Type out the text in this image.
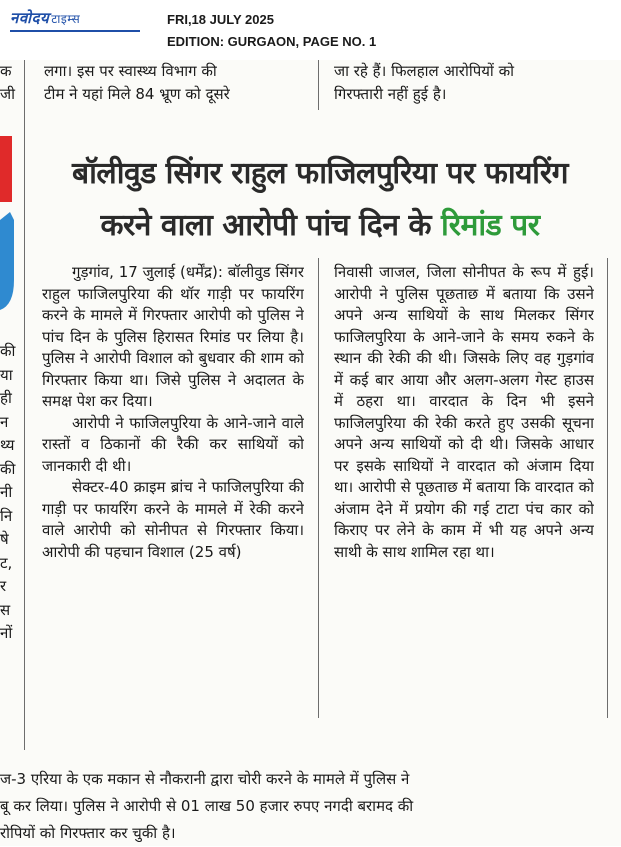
नवोदय टाइम्स	FRI,18 JULY 2025
EDITION: GURGAON, PAGE NO. 1
क
जी
लगा। इस पर स्वास्थ्य विभाग की
टीम ने यहां मिले 84 भ्रूण को दूसरे
जा रहे हैं। फिलहाल आरोपियों को
गिरफ्तारी नहीं हुई है।
की
या
ही
न
थ्य
की
नी
नि
षे
ट,
र
स
नों
बॉलीवुड सिंगर राहुल फाजिलपुरिया पर फायरिंग
करने वाला आरोपी पांच दिन के रिमांड पर

गुड़गांव, 17 जुलाई (धर्मेंद्र): बॉलीवुड सिंगर राहुल फाजिलपुरिया की थॉर गाड़ी पर फायरिंग करने के मामले में गिरफ्तार आरोपी को पुलिस ने पांच दिन के पुलिस हिरासत रिमांड पर लिया है। पुलिस ने आरोपी विशाल को बुधवार की शाम को गिरफ्तार किया था। जिसे पुलिस ने अदालत के समक्ष पेश कर दिया।

आरोपी ने फाजिलपुरिया के आने-जाने वाले रास्तों व ठिकानों की रैकी कर साथियों को जानकारी दी थी।

सेक्टर-40 क्राइम ब्रांच ने फाजिलपुरिया की गाड़ी पर फायरिंग करने के मामले में रेकी करने वाले आरोपी को सोनीपत से गिरफ्तार किया। आरोपी की पहचान विशाल (25 वर्ष)

निवासी जाजल, जिला सोनीपत के रूप में हुई। आरोपी ने पुलिस पूछताछ में बताया कि उसने अपने अन्य साथियों के साथ मिलकर सिंगर फाजिलपुरिया के आने-जाने के समय रुकने के स्थान की रेकी की थी। जिसके लिए वह गुड़गांव में कई बार आया और अलग-अलग गेस्ट हाउस में ठहरा था। वारदात के दिन भी इसने फाजिलपुरिया की रेकी करते हुए उसकी सूचना अपने अन्य साथियों को दी थी। जिसके आधार पर इसके साथियों ने वारदात को अंजाम दिया था। आरोपी से पूछताछ में बताया कि वारदात को अंजाम देने में प्रयोग की गई टाटा पंच कार को किराए पर लेने के काम में भी यह अपने अन्य साथी के साथ शामिल रहा था।

ज-3 एरिया के एक मकान से नौकरानी द्वारा चोरी करने के मामले में पुलिस ने
बू कर लिया। पुलिस ने आरोपी से 01 लाख 50 हजार रुपए नगदी बरामद की
रोपियों को गिरफ्तार कर चुकी है।
